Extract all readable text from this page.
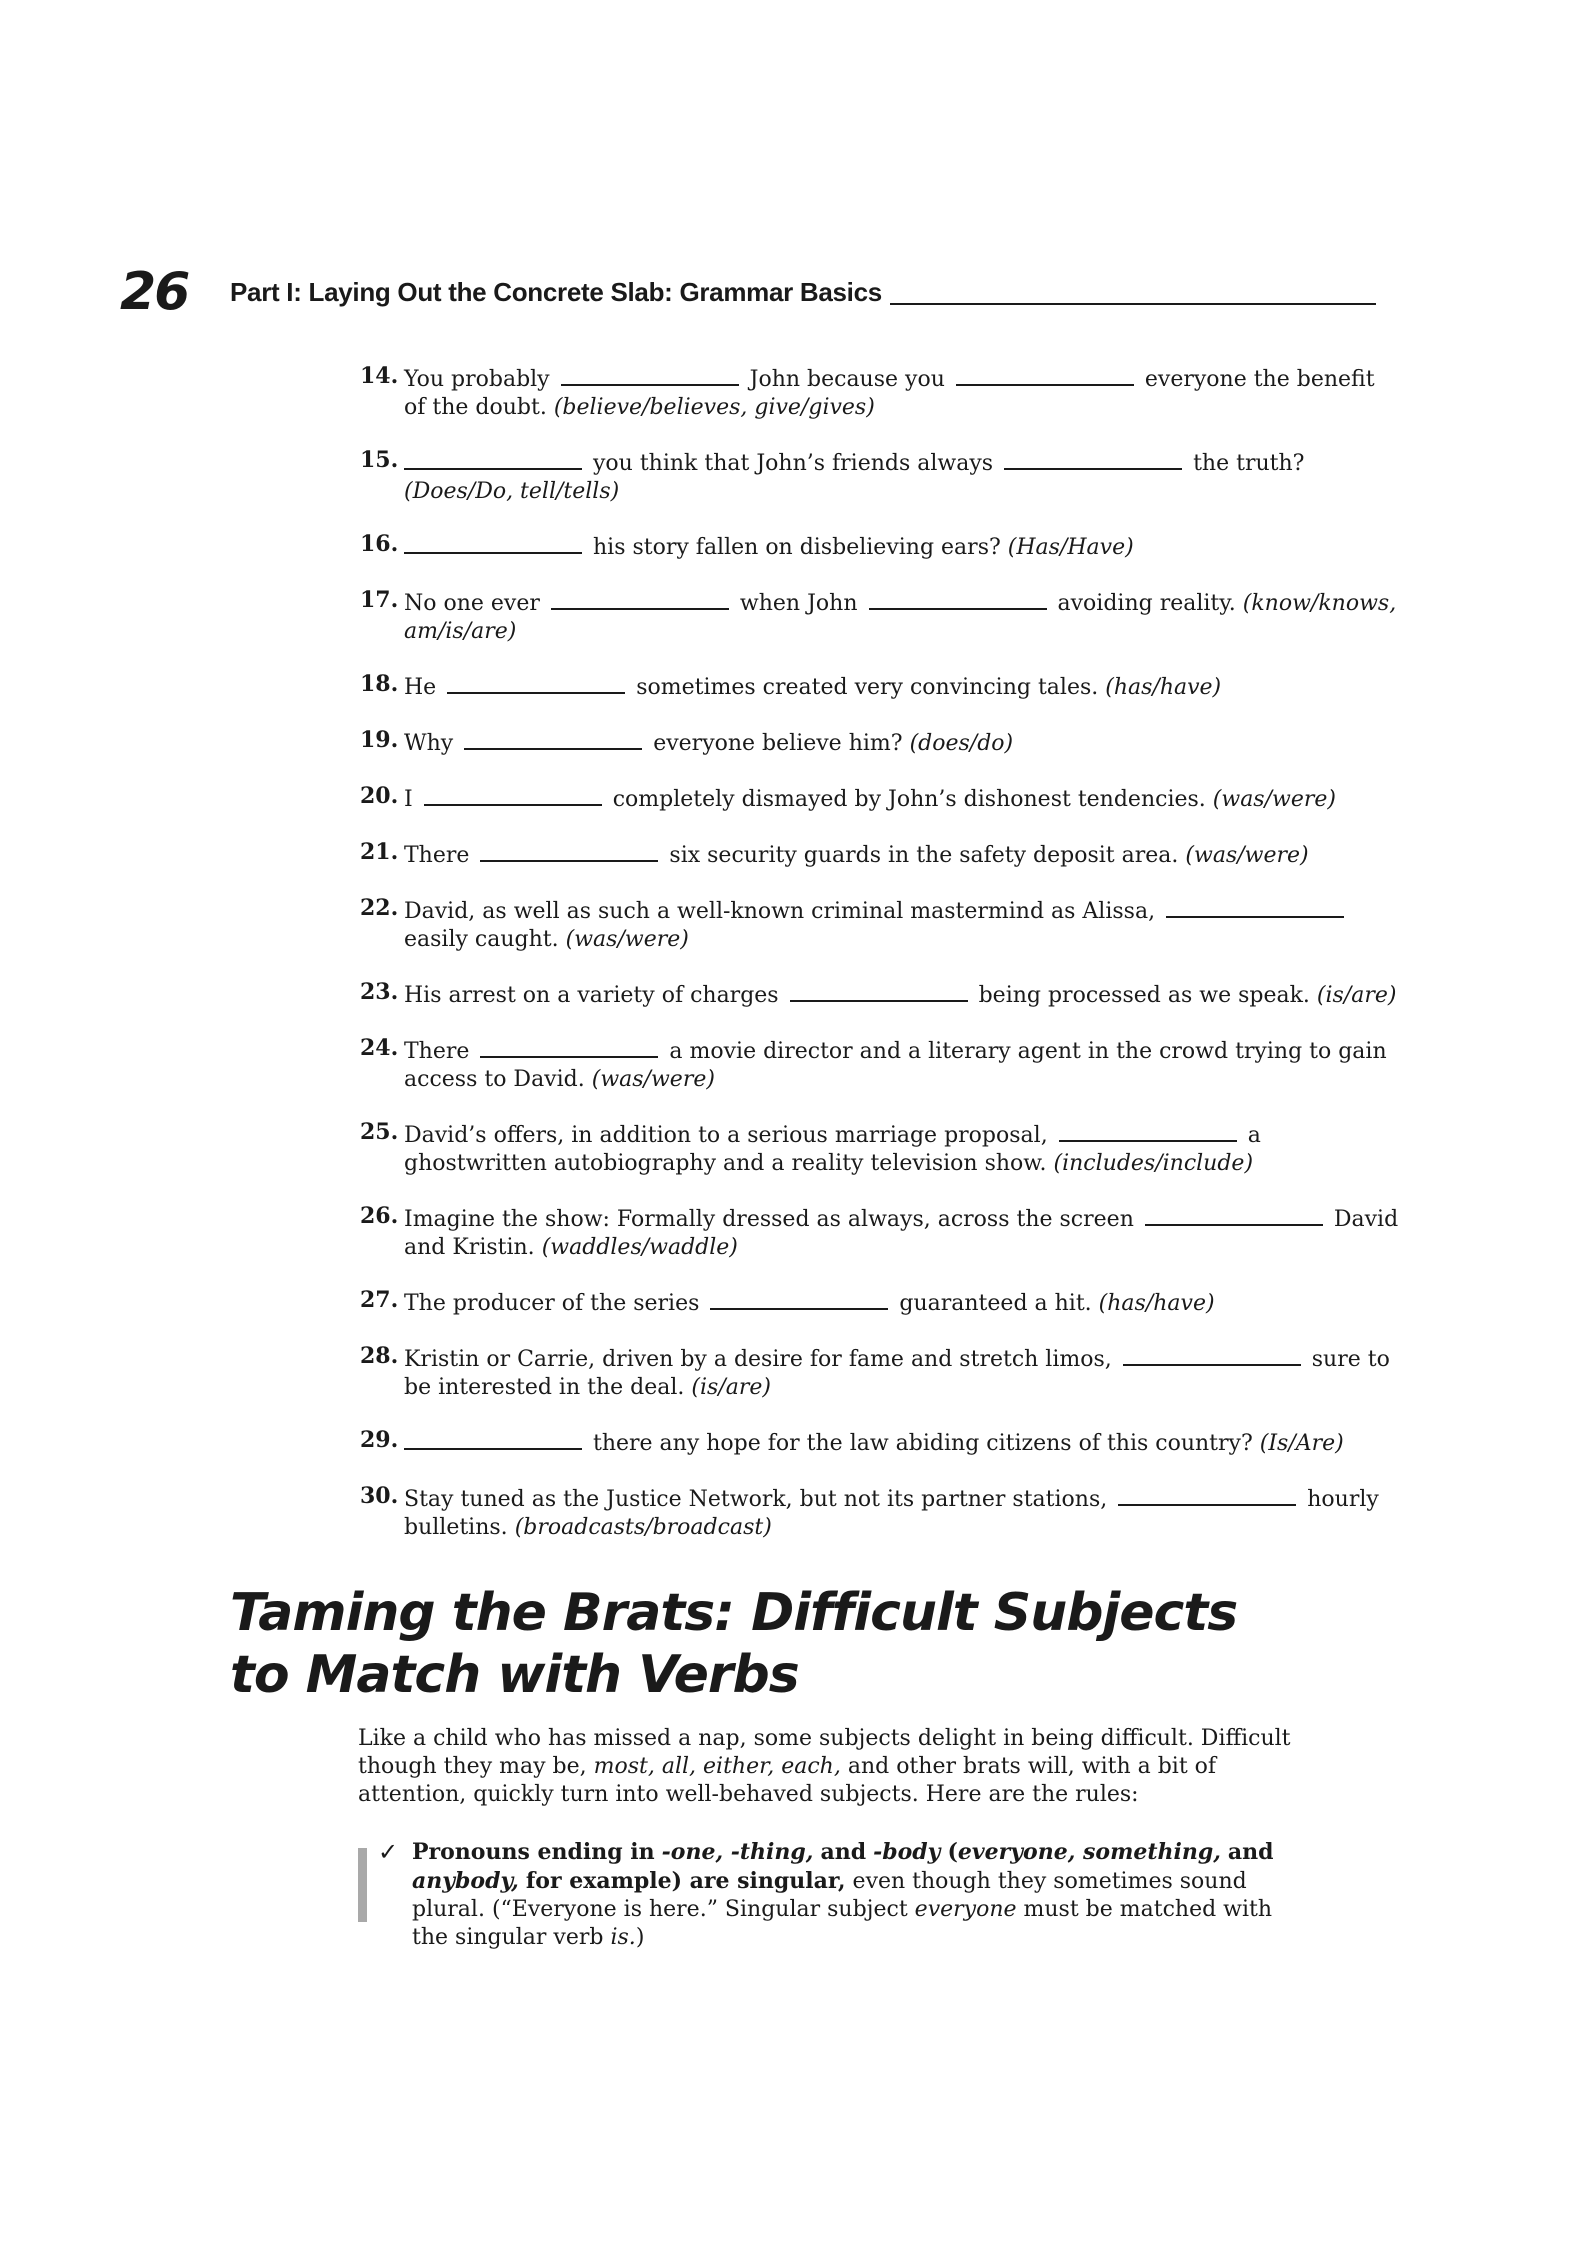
26 Part I: Laying Out the Concrete Slab: Grammar Basics
14. You probably	John because you	everyone the benefit of the doubt. (believe/believes, give/gives)
15.	you think that John’s friends always	the truth?
(Does/Do, tell/tells)
16.	his story fallen on disbelieving ears? (Has/Have)
17. No one ever	when John	avoiding reality. (know/knows, am/is/are)
18. He	sometimes created very convincing tales. (has/have)
19. Why	everyone believe him? (does/do)
20. I	completely dismayed by John’s dishonest tendencies. (was/were)
21. There	six security guards in the safety deposit area. (was/were)
22. David, as well as such a well-known criminal mastermind as Alissa,  easily caught. (was/were)
23. His arrest on a variety of charges	being processed as we speak. (is/are)
24. There	a movie director and a literary agent in the crowd trying to gain access to David. (was/were)
25. David’s offers, in addition to a serious marriage proposal,	a ghostwritten autobiography and a reality television show. (includes/include)
26. Imagine the show: Formally dressed as always, across the screen	David and Kristin. (waddles/waddle)
27. The producer of the series	guaranteed a hit. (has/have)
28. Kristin or Carrie, driven by a desire for fame and stretch limos,	sure to be interested in the deal. (is/are)
29.	there any hope for the law abiding citizens of this country? (Is/Are)
30. Stay tuned as the Justice Network, but not its partner stations,	hourly bulletins. (broadcasts/broadcast)
Taming the Brats: Difficult Subjects
to Match with Verbs
Like a child who has missed a nap, some subjects delight in being difficult. Difficult though they may be, most, all, either, each, and other brats will, with a bit of attention, quickly turn into well-behaved subjects. Here are the rules:
✓ Pronouns ending in -one, -thing, and -body (everyone, something, and anybody, for example) are singular, even though they sometimes sound plural. (“Everyone is here.” Singular subject everyone must be matched with the singular verb is.)
